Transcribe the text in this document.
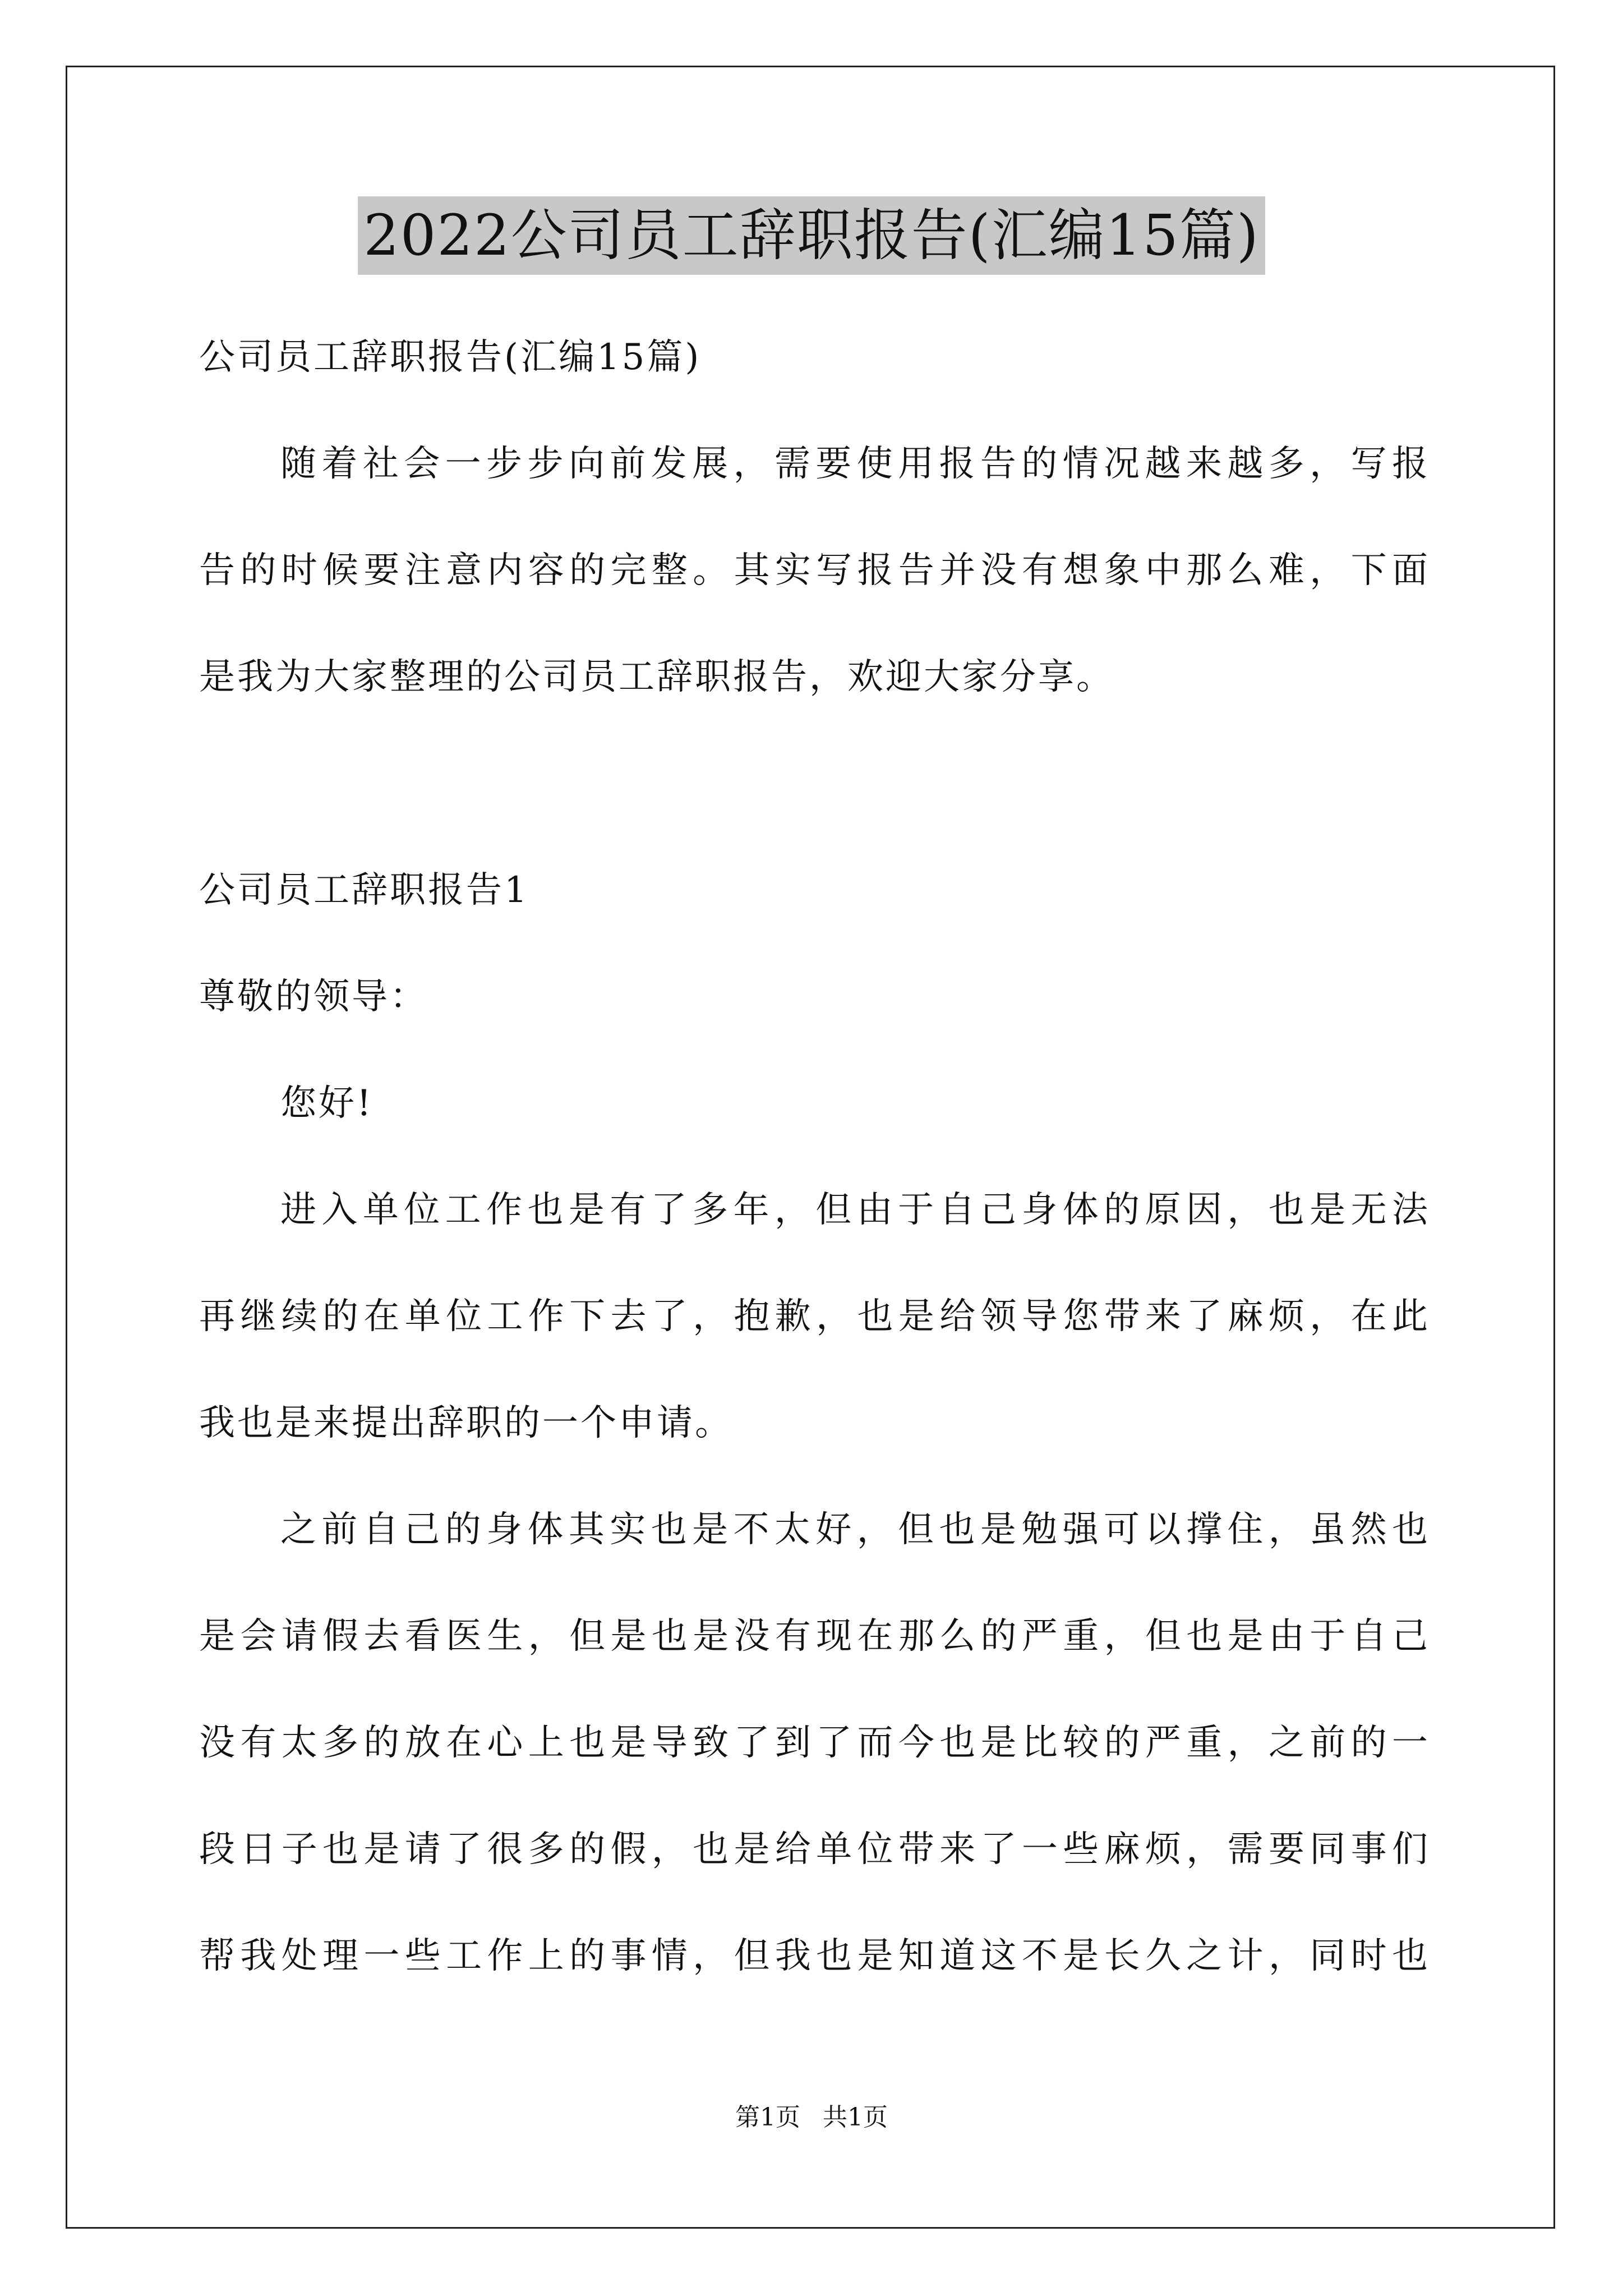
2022公司员工辞职报告(汇编15篇)
公司员工辞职报告(汇编15篇)
随着社会一步步向前发展，需要使用报告的情况越来越多，写报
告的时候要注意内容的完整。其实写报告并没有想象中那么难，下面
是我为大家整理的公司员工辞职报告，欢迎大家分享。
公司员工辞职报告1
尊敬的领导：
您好!
进入单位工作也是有了多年，但由于自己身体的原因，也是无法
再继续的在单位工作下去了，抱歉，也是给领导您带来了麻烦，在此
我也是来提出辞职的一个申请。
之前自己的身体其实也是不太好，但也是勉强可以撑住，虽然也
是会请假去看医生，但是也是没有现在那么的严重，但也是由于自己
没有太多的放在心上也是导致了到了而今也是比较的严重，之前的一
段日子也是请了很多的假，也是给单位带来了一些麻烦，需要同事们
帮我处理一些工作上的事情，但我也是知道这不是长久之计，同时也
第1页 共1页
